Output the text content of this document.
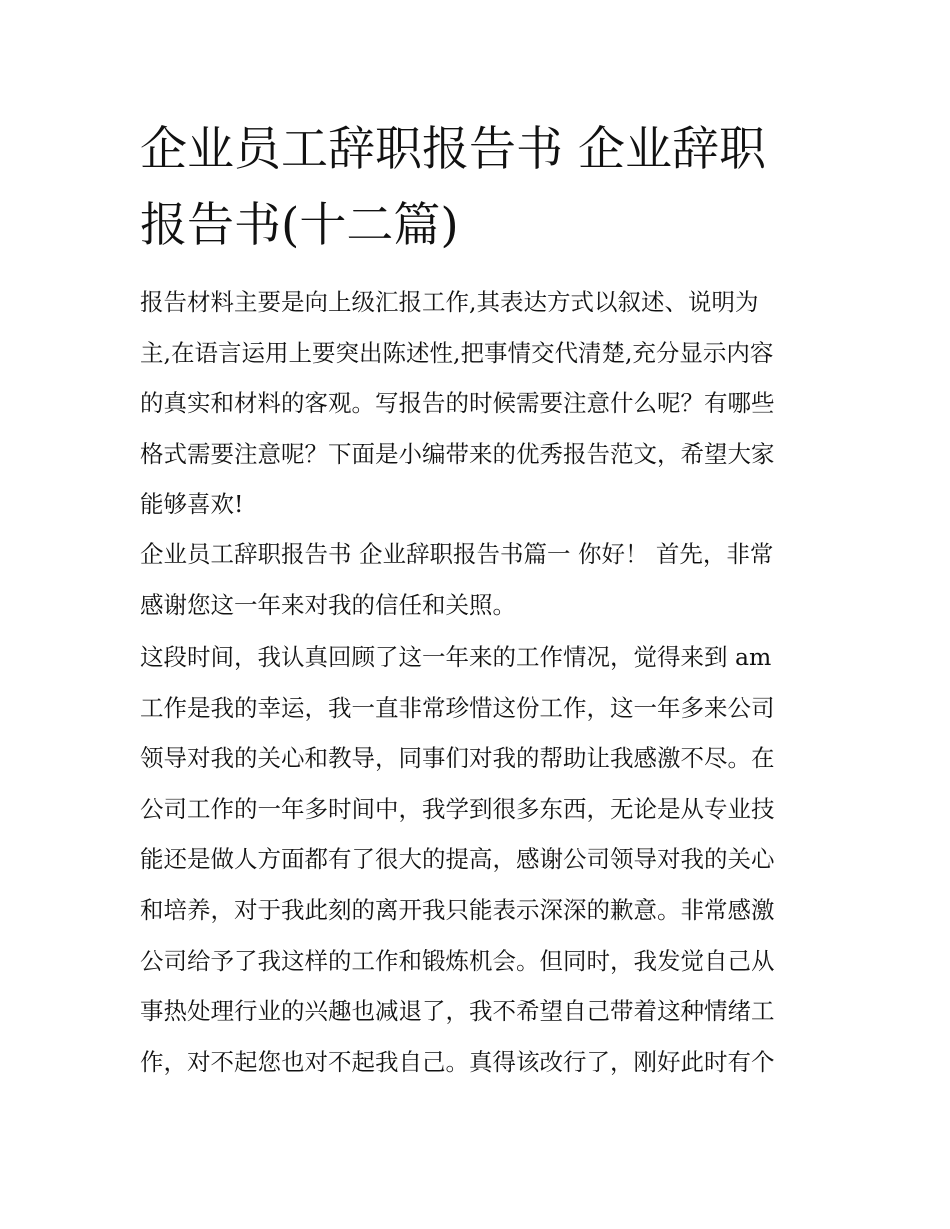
企业员工辞职报告书 企业辞职
报告书(十二篇)
报告材料主要是向上级汇报工作,其表达方式以叙述、说明为
主,在语言运用上要突出陈述性,把事情交代清楚,充分显示内容
的真实和材料的客观。写报告的时候需要注意什么呢？有哪些
格式需要注意呢？下面是小编带来的优秀报告范文，希望大家
能够喜欢!
企业员工辞职报告书 企业辞职报告书篇一 你好！ 首先，非常
感谢您这一年来对我的信任和关照。
这段时间，我认真回顾了这一年来的工作情况，觉得来到 am
工作是我的幸运，我一直非常珍惜这份工作，这一年多来公司
领导对我的关心和教导，同事们对我的帮助让我感激不尽。在
公司工作的一年多时间中，我学到很多东西，无论是从专业技
能还是做人方面都有了很大的提高，感谢公司领导对我的关心
和培养，对于我此刻的离开我只能表示深深的歉意。非常感激
公司给予了我这样的工作和锻炼机会。但同时，我发觉自己从
事热处理行业的兴趣也减退了，我不希望自己带着这种情绪工
作，对不起您也对不起我自己。真得该改行了，刚好此时有个
